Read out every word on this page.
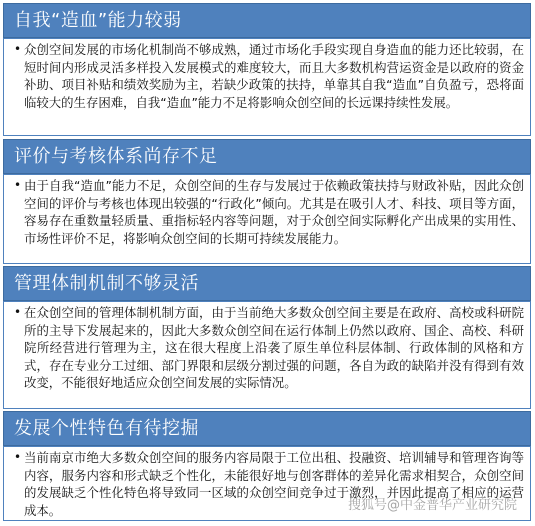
自我“造血”能力较弱
• 众创空间发展的市场化机制尚不够成熟，通过市场化手段实现自身造血的能力还比较弱，在短时间内形成灵活多样投入发展模式的难度较大，而且大多数机构营运资金是以政府的资金补助、项目补贴和绩效奖励为主，若缺少政策的扶持，单靠其自我“造血”自负盈亏，恐将面临较大的生存困难，自我“造血”能力不足将影响众创空间的长远课持续性发展。
评价与考核体系尚存不足
• 由于自我“造血”能力不足，众创空间的生存与发展过于依赖政策扶持与财政补贴，因此众创空间的评价与考核也体现出较强的“行政化”倾向。尤其是在吸引人才、科技、项目等方面，容易存在重数量轻质量、重指标轻内容等问题，对于众创空间实际孵化产出成果的实用性、市场性评价不足，将影响众创空间的长期可持续发展能力。
管理体制机制不够灵活
• 在众创空间的管理体制机制方面，由于当前绝大多数众创空间主要是在政府、高校或科研院所的主导下发展起来的，因此大多数众创空间在运行体制上仍然以政府、国企、高校、科研院所经营进行管理为主，这在很大程度上沿袭了原生单位科层体制、行政体制的风格和方式，存在专业分工过细、部门界限和层级分割过强的问题，各自为政的缺陷并没有得到有效改变，不能很好地适应众创空间发展的实际情况。
发展个性特色有待挖掘
• 当前南京市绝大多数众创空间的服务内容局限于工位出租、投融资、培训辅导和管理咨询等内容，服务内容和形式缺乏个性化，未能很好地与创客群体的差异化需求相契合，众创空间的发展缺乏个性化特色将导致同一区域的众创空间竞争过于激烈，并因此提高了相应的运营成本。	搜狐号@中金普华产业研究院
